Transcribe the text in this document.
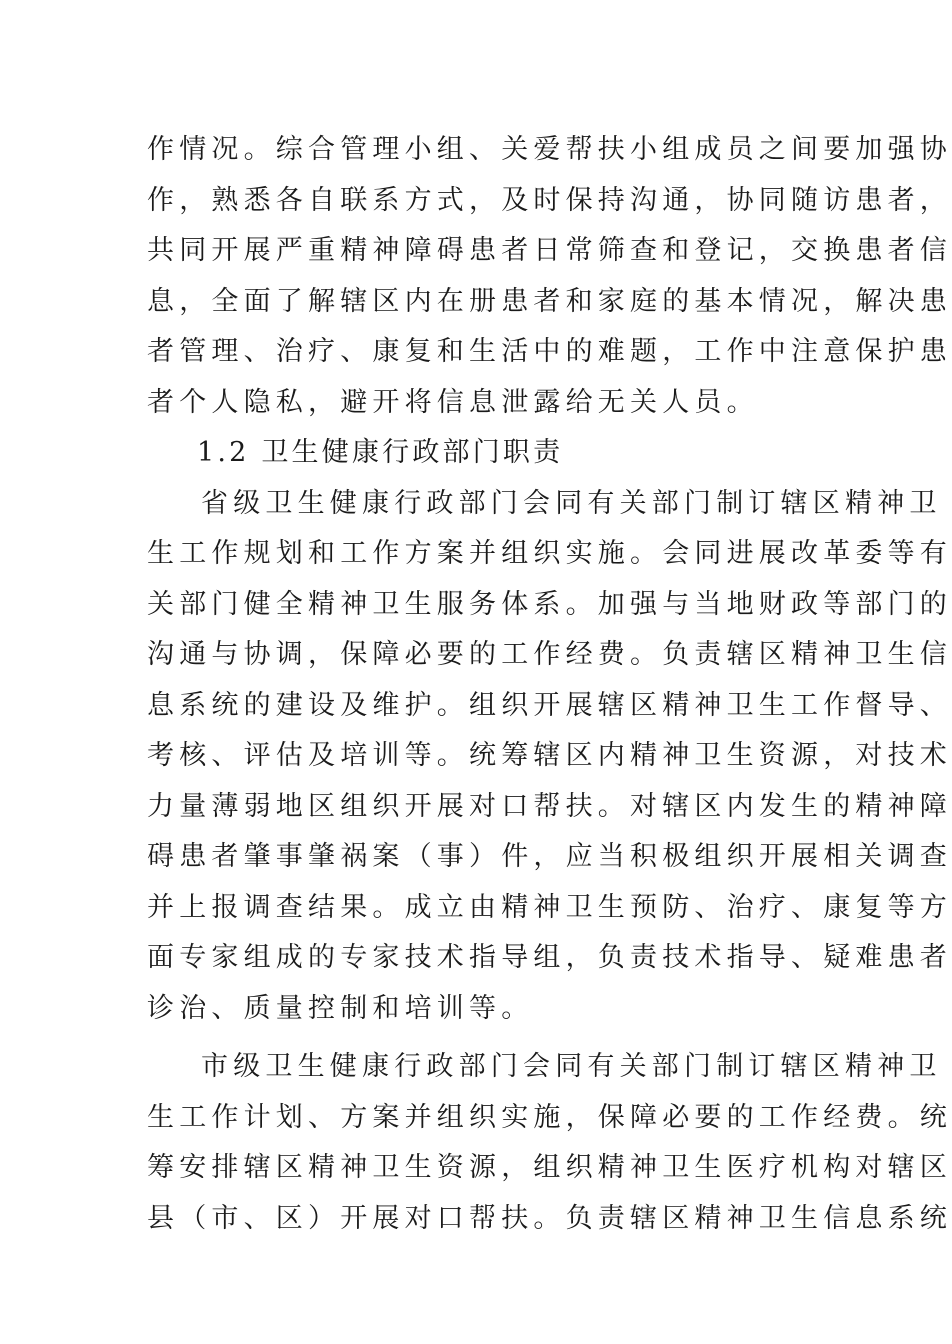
作情况。综合管理小组、关爱帮扶小组成员之间要加强协
作，熟悉各自联系方式，及时保持沟通，协同随访患者，
共同开展严重精神障碍患者日常筛查和登记，交换患者信
息，全面了解辖区内在册患者和家庭的基本情况，解决患
者管理、治疗、康复和生活中的难题，工作中注意保护患
者个人隐私，避开将信息泄露给无关人员。
1.2 卫生健康行政部门职责
省级卫生健康行政部门会同有关部门制订辖区精神卫
生工作规划和工作方案并组织实施。会同进展改革委等有
关部门健全精神卫生服务体系。加强与当地财政等部门的
沟通与协调，保障必要的工作经费。负责辖区精神卫生信
息系统的建设及维护。组织开展辖区精神卫生工作督导、
考核、评估及培训等。统筹辖区内精神卫生资源，对技术
力量薄弱地区组织开展对口帮扶。对辖区内发生的精神障
碍患者肇事肇祸案（事）件，应当积极组织开展相关调查
并上报调查结果。成立由精神卫生预防、治疗、康复等方
面专家组成的专家技术指导组，负责技术指导、疑难患者
诊治、质量控制和培训等。
市级卫生健康行政部门会同有关部门制订辖区精神卫
生工作计划、方案并组织实施，保障必要的工作经费。统
筹安排辖区精神卫生资源，组织精神卫生医疗机构对辖区
县（市、区）开展对口帮扶。负责辖区精神卫生信息系统
